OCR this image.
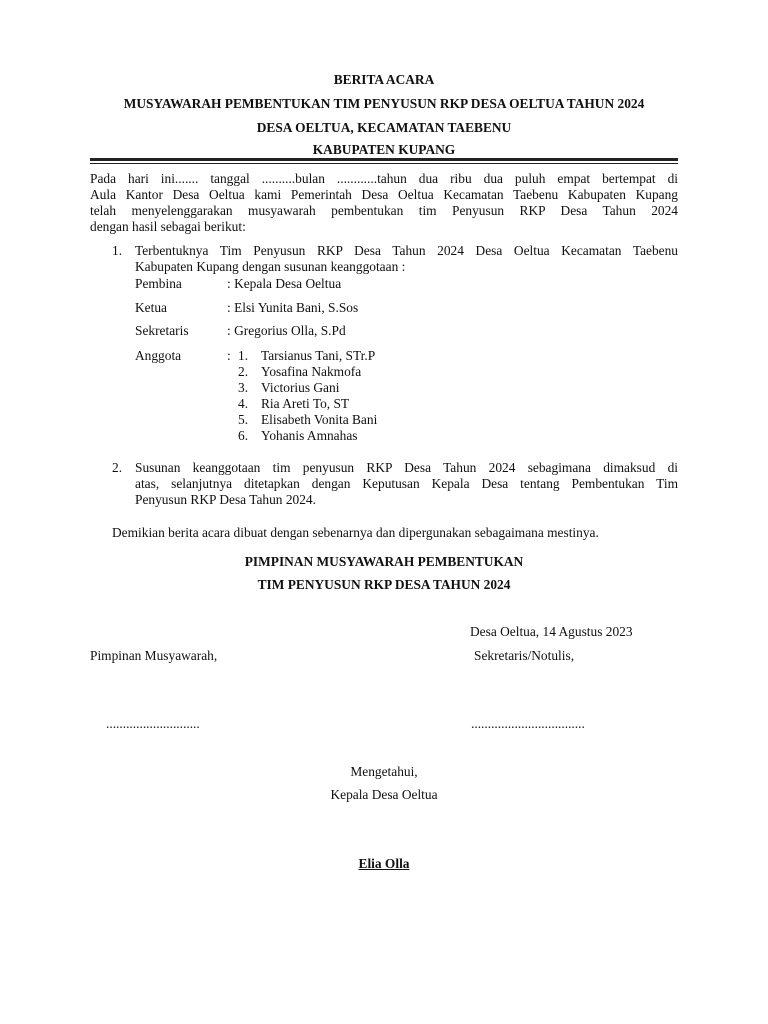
BERITA ACARA
MUSYAWARAH PEMBENTUKAN TIM PENYUSUN RKP DESA OELTUA TAHUN 2024
DESA OELTUA, KECAMATAN TAEBENU
KABUPATEN KUPANG
Pada hari ini....... tanggal ..........bulan ............tahun dua ribu dua puluh empat bertempat di
Aula Kantor Desa Oeltua kami Pemerintah Desa Oeltua Kecamatan Taebenu Kabupaten Kupang
telah menyelenggarakan musyawarah pembentukan tim Penyusun RKP Desa Tahun 2024
dengan hasil sebagai berikut:
1. Terbentuknya Tim Penyusun RKP Desa Tahun 2024 Desa Oeltua Kecamatan Taebenu
Kabupaten Kupang dengan susunan keanggotaan :
Pembina	: Kepala Desa Oeltua
Ketua	: Elsi Yunita Bani, S.Sos
Sekretaris	: Gregorius Olla, S.Pd
Anggota	: 1. Tarsianus Tani, STr.P
2. Yosafina Nakmofa
3. Victorius Gani
4. Ria Areti To, ST
5. Elisabeth Vonita Bani
6. Yohanis Amnahas
2. Susunan keanggotaan tim penyusun RKP Desa Tahun 2024 sebagimana dimaksud di
atas, selanjutnya ditetapkan dengan Keputusan Kepala Desa tentang Pembentukan Tim
Penyusun RKP Desa Tahun 2024.
Demikian berita acara dibuat dengan sebenarnya dan dipergunakan sebagaimana mestinya.
PIMPINAN MUSYAWARAH PEMBENTUKAN
TIM PENYUSUN RKP DESA TAHUN 2024
Desa Oeltua, 14 Agustus 2023
Pimpinan Musyawarah,	Sekretaris/Notulis,
............................	..................................
Mengetahui,
Kepala Desa Oeltua
Elia Olla
